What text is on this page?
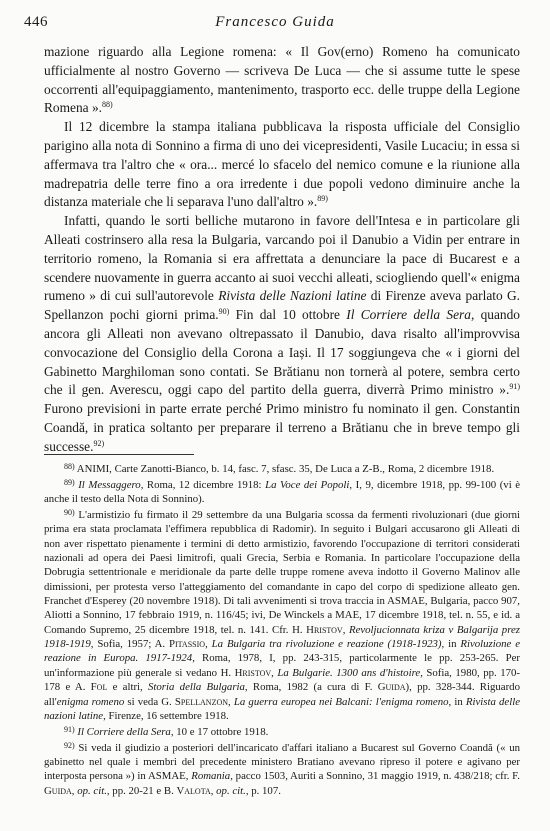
446	Francesco Guida

mazione riguardo alla Legione romena: « Il Gov(erno) Romeno ha comunicato ufficialmente al nostro Governo — scriveva De Luca — che si assume tutte le spese occorrenti all'equipaggiamento, mantenimento, trasporto ecc. delle truppe della Legione Romena ».$^{88)}$

Il 12 dicembre la stampa italiana pubblicava la risposta ufficiale del Consiglio parigino alla nota di Sonnino a firma di uno dei vicepresidenti, Vasile Lucaciu; in essa si affermava tra l'altro che « ora... mercé lo sfacelo del nemico comune e la riunione alla madrepatria delle terre fino a ora irredente i due popoli vedono diminuire anche la distanza materiale che li separava l'uno dall'altro ».$^{89)}$

Infatti, quando le sorti belliche mutarono in favore dell'Intesa e in particolare gli Alleati costrinsero alla resa la Bulgaria, varcando poi il Danubio a Vidin per entrare in territorio romeno, la Romania si era affrettata a denunciare la pace di Bucarest e a scendere nuovamente in guerra accanto ai suoi vecchi alleati, sciogliendo quell'« enigma rumeno » di cui sull'autorevole Rivista delle Nazioni latine di Firenze aveva parlato G. Spellanzon pochi giorni prima.$^{90)}$ Fin dal 10 ottobre Il Corriere della Sera, quando ancora gli Alleati non avevano oltrepassato il Danubio, dava risalto all'improvvisa convocazione del Consiglio della Corona a Iași. Il 17 soggiungeva che « i giorni del Gabinetto Marghiloman sono contati. Se Brătianu non tornerà al potere, sembra certo che il gen. Averescu, oggi capo del partito della guerra, diverrà Primo ministro ».$^{91)}$ Furono previsioni in parte errate perché Primo ministro fu nominato il gen. Constantin Coandă, in pratica soltanto per preparare il terreno a Brătianu che in breve tempo gli successe.$^{92)}$

$^{88)}$ ANIMI, Carte Zanotti-Bianco, b. 14, fasc. 7, sfasc. 35, De Luca a Z-B., Roma, 2 dicembre 1918.

$^{89)}$ Il Messaggero, Roma, 12 dicembre 1918: La Voce dei Popoli, I, 9, dicembre 1918, pp. 99-100 (vi è anche il testo della Nota di Sonnino).

$^{90)}$ L'armistizio fu firmato il 29 settembre da una Bulgaria scossa da fermenti rivoluzionari (due giorni prima era stata proclamata l'effimera repubblica di Radomir). In seguito i Bulgari accusarono gli Alleati di non aver rispettato pienamente i termini di detto armistizio, favorendo l'occupazione di territori considerati nazionali ad opera dei Paesi limitrofi, quali Grecia, Serbia e Romania. In particolare l'occupazione della Dobrugia settentrionale e meridionale da parte delle truppe romene aveva indotto il Governo Malinov alle dimissioni, per protesta verso l'atteggiamento del comandante in capo del corpo di spedizione alleato gen. Franchet d'Esperey (20 novembre 1918). Di tali avvenimenti si trova traccia in ASMAE, Bulgaria, pacco 907, Aliotti a Sonnino, 17 febbraio 1919, n. 116/45; ivi, De Winckels a MAE, 17 dicembre 1918, tel. n. 55, e id. a Comando Supremo, 25 dicembre 1918, tel. n. 141. Cfr. H. Hristov, Revoljucionnata kriza v Balgarija prez 1918-1919, Sofia, 1957; A. Pitassio, La Bulgaria tra rivoluzione e reazione (1918-1923), in Rivoluzione e reazione in Europa. 1917-1924, Roma, 1978, I, pp. 243-315, particolarmente le pp. 253-265. Per un'informazione più generale si vedano H. Hristov, La Bulgarie. 1300 ans d'histoire, Sofia, 1980, pp. 170-178 e A. Fol e altri, Storia della Bulgaria, Roma, 1982 (a cura di F. Guida), pp. 328-344. Riguardo all'enigma romeno si veda G. Spellanzon, La guerra europea nei Balcani: l'enigma romeno, in Rivista delle nazioni latine, Firenze, 16 settembre 1918.

$^{91)}$ Il Corriere della Sera, 10 e 17 ottobre 1918.

$^{92)}$ Si veda il giudizio a posteriori dell'incaricato d'affari italiano a Bucarest sul Governo Coandă (« un gabinetto nel quale i membri del precedente ministero Bratiano avevano ripreso il potere e agivano per interposta persona ») in ASMAE, Romania, pacco 1503, Auriti a Sonnino, 31 maggio 1919, n. 438/218; cfr. F. Guida, op. cit., pp. 20-21 e B. Valota, op. cit., p. 107.
